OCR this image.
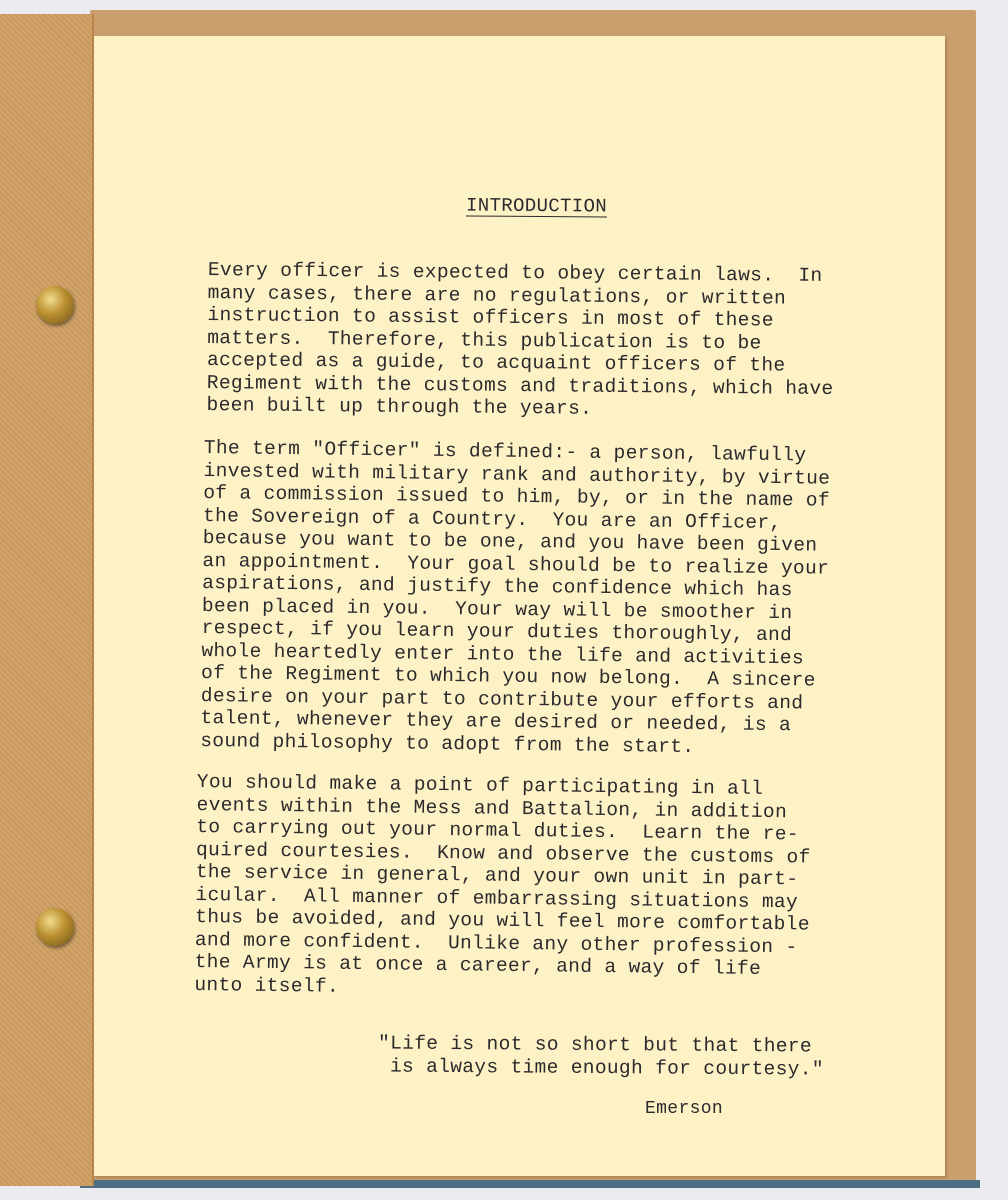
INTRODUCTION
Every officer is expected to obey certain laws.  In
many cases, there are no regulations, or written
instruction to assist officers in most of these
matters.  Therefore, this publication is to be
accepted as a guide, to acquaint officers of the
Regiment with the customs and traditions, which have
been built up through the years.
The term "Officer" is defined:- a person, lawfully
invested with military rank and authority, by virtue
of a commission issued to him, by, or in the name of
the Sovereign of a Country.  You are an Officer,
because you want to be one, and you have been given
an appointment.  Your goal should be to realize your
aspirations, and justify the confidence which has
been placed in you.  Your way will be smoother in
respect, if you learn your duties thoroughly, and
whole heartedly enter into the life and activities
of the Regiment to which you now belong.  A sincere
desire on your part to contribute your efforts and
talent, whenever they are desired or needed, is a
sound philosophy to adopt from the start.
You should make a point of participating in all
events within the Mess and Battalion, in addition
to carrying out your normal duties.  Learn the re-
quired courtesies.  Know and observe the customs of
the service in general, and your own unit in part-
icular.  All manner of embarrassing situations may
thus be avoided, and you will feel more comfortable
and more confident.  Unlike any other profession -
the Army is at once a career, and a way of life
unto itself.
"Life is not so short but that there
is always time enough for courtesy."
Emerson
